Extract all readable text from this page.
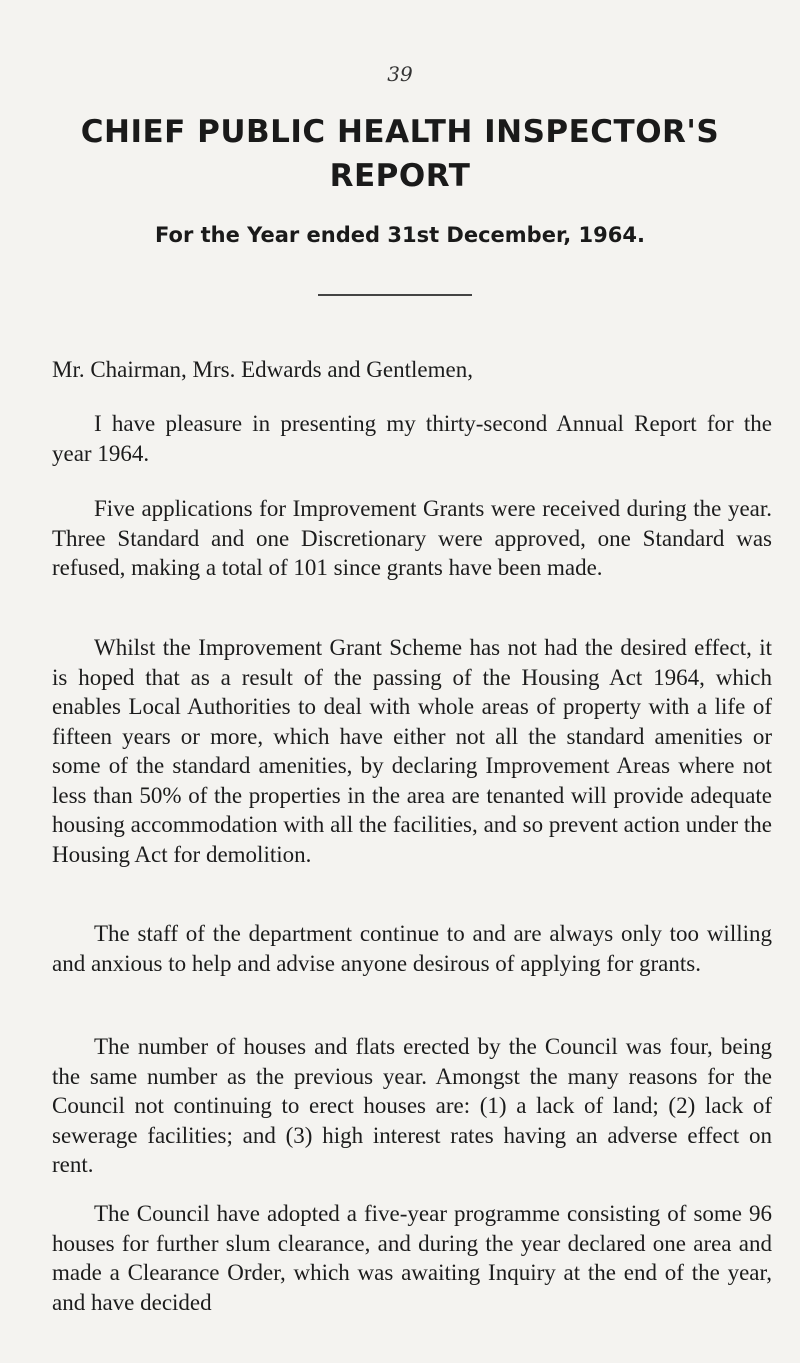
39
CHIEF PUBLIC HEALTH INSPECTOR'S
REPORT
For the Year ended 31st December, 1964.
Mr. Chairman, Mrs. Edwards and Gentlemen,

I have pleasure in presenting my thirty-second Annual Report for the year 1964.

Five applications for Improvement Grants were received during the year. Three Standard and one Discretionary were approved, one Standard was refused, making a total of 101 since grants have been made.

Whilst the Improvement Grant Scheme has not had the desired effect, it is hoped that as a result of the passing of the Housing Act 1964, which enables Local Authorities to deal with whole areas of property with a life of fifteen years or more, which have either not all the standard amenities or some of the standard amenities, by declaring Improvement Areas where not less than 50% of the properties in the area are tenanted will provide adequate housing accommodation with all the facilities, and so prevent action under the Housing Act for demolition.

The staff of the department continue to and are always only too willing and anxious to help and advise anyone desirous of applying for grants.

The number of houses and flats erected by the Council was four, being the same number as the previous year. Amongst the many reasons for the Council not continuing to erect houses are: (1) a lack of land; (2) lack of sewerage facilities; and (3) high interest rates having an adverse effect on rent.

The Council have adopted a five-year programme consisting of some 96 houses for further slum clearance, and during the year declared one area and made a Clearance Order, which was awaiting Inquiry at the end of the year, and have decided
